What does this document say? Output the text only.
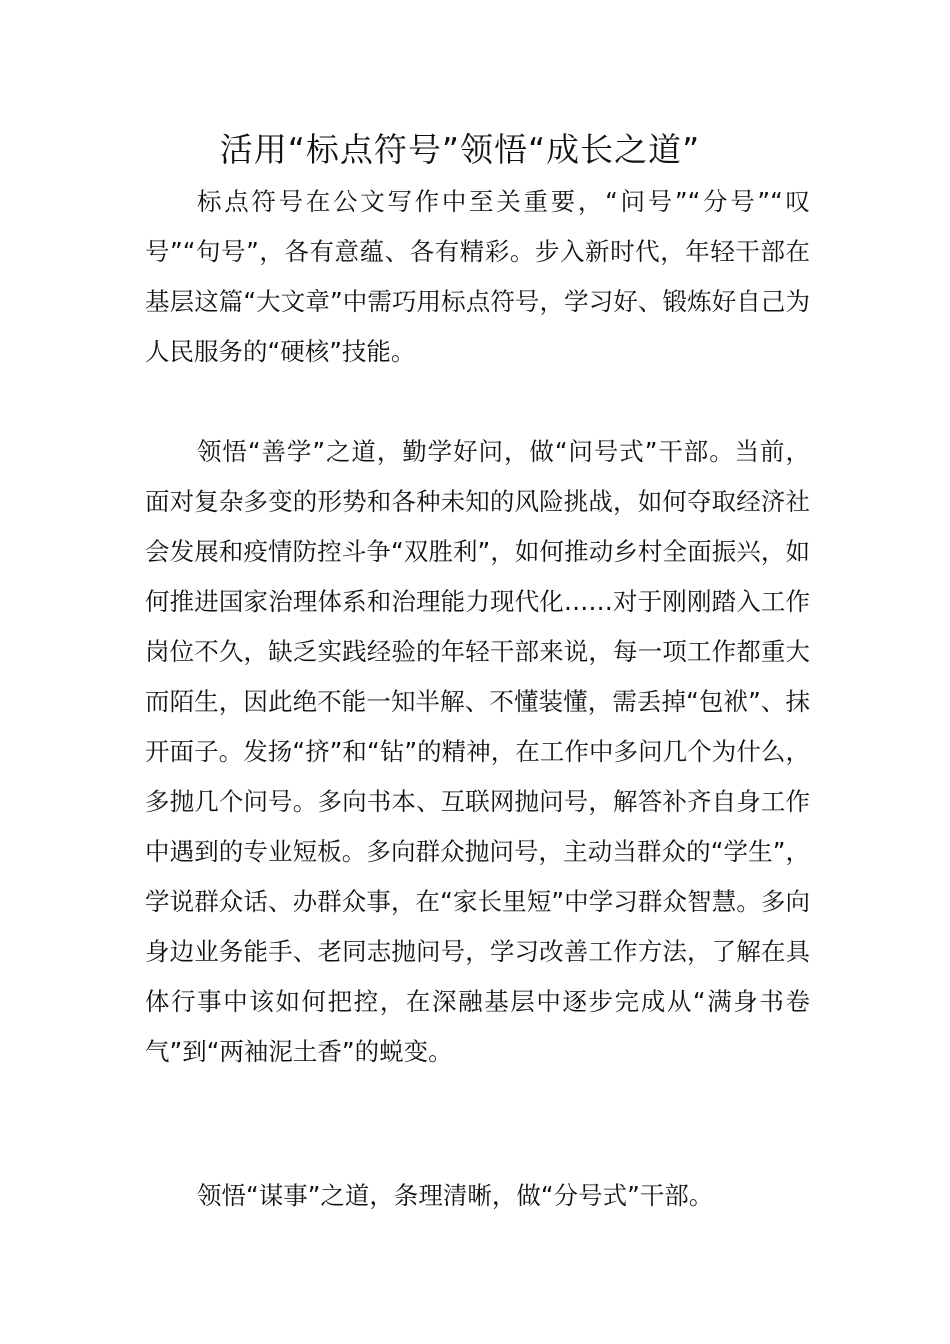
活用“标点符号”领悟“成长之道”

标点符号在公文写作中至关重要，“问号”“分号”“叹号”“句号”，各有意蕴、各有精彩。步入新时代，年轻干部在基层这篇“大文章”中需巧用标点符号，学习好、锻炼好自己为人民服务的“硬核”技能。

领悟“善学”之道，勤学好问，做“问号式”干部。当前，面对复杂多变的形势和各种未知的风险挑战，如何夺取经济社会发展和疫情防控斗争“双胜利”，如何推动乡村全面振兴，如何推进国家治理体系和治理能力现代化……对于刚刚踏入工作岗位不久，缺乏实践经验的年轻干部来说，每一项工作都重大而陌生，因此绝不能一知半解、不懂装懂，需丢掉“包袱”、抹开面子。发扬“挤”和“钻”的精神，在工作中多问几个为什么，多抛几个问号。多向书本、互联网抛问号，解答补齐自身工作中遇到的专业短板。多向群众抛问号，主动当群众的“学生”，学说群众话、办群众事，在“家长里短”中学习群众智慧。多向身边业务能手、老同志抛问号，学习改善工作方法，了解在具体行事中该如何把控，在深融基层中逐步完成从“满身书卷气”到“两袖泥土香”的蜕变。

领悟“谋事”之道，条理清晰，做“分号式”干部。
